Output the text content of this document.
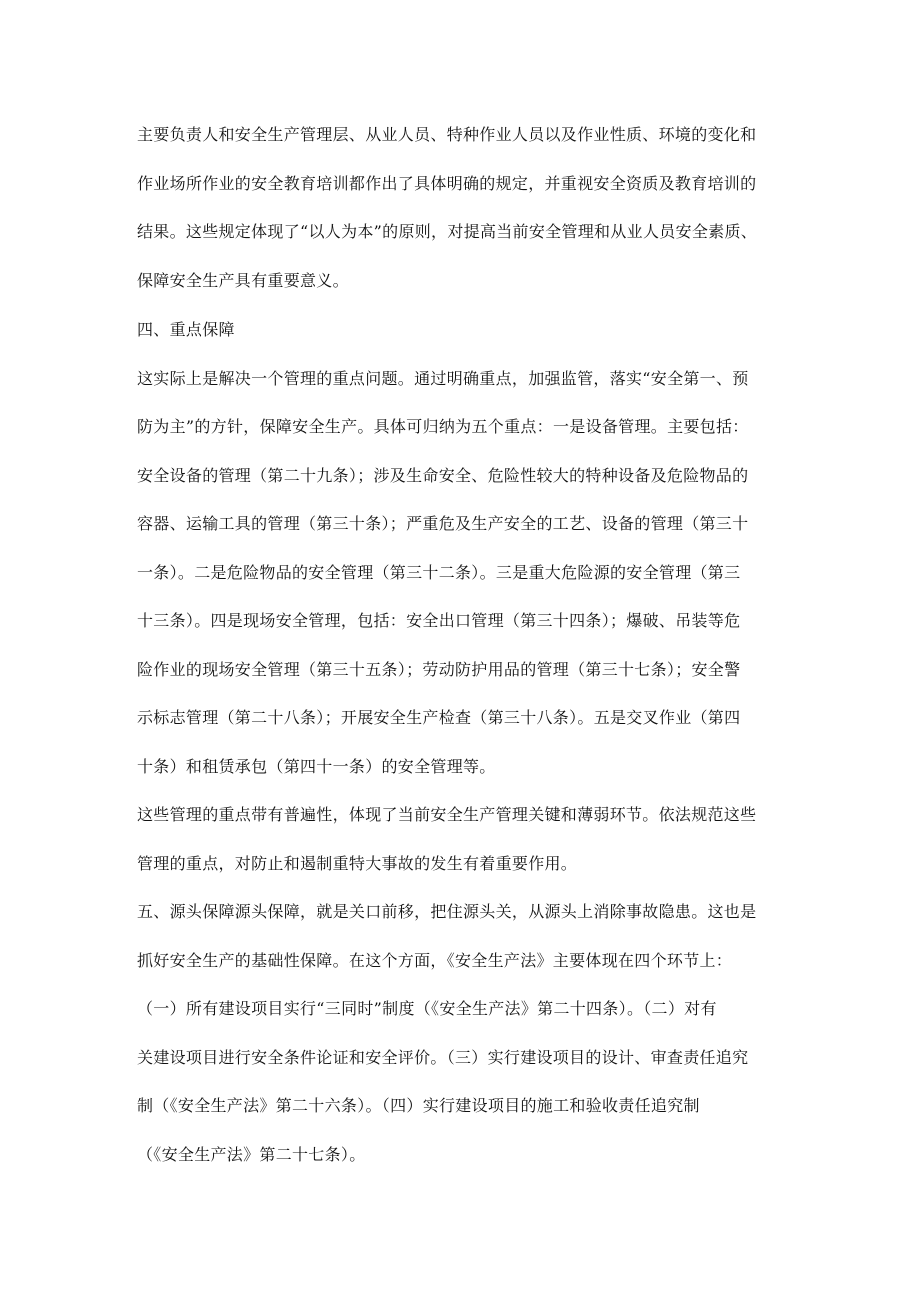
主要负责人和安全生产管理层、从业人员、特种作业人员以及作业性质、环境的变化和
作业场所作业的安全教育培训都作出了具体明确的规定，并重视安全资质及教育培训的
结果。这些规定体现了“以人为本”的原则，对提高当前安全管理和从业人员安全素质、
保障安全生产具有重要意义。
四、重点保障
这实际上是解决一个管理的重点问题。通过明确重点，加强监管，落实“安全第一、预
防为主”的方针，保障安全生产。具体可归纳为五个重点：一是设备管理。主要包括：
安全设备的管理（第二十九条）；涉及生命安全、危险性较大的特种设备及危险物品的
容器、运输工具的管理（第三十条）；严重危及生产安全的工艺、设备的管理（第三十
一条）。二是危险物品的安全管理（第三十二条）。三是重大危险源的安全管理（第三
十三条）。四是现场安全管理，包括：安全出口管理（第三十四条）；爆破、吊装等危
险作业的现场安全管理（第三十五条）；劳动防护用品的管理（第三十七条）；安全警
示标志管理（第二十八条）；开展安全生产检查（第三十八条）。五是交叉作业（第四
十条）和租赁承包（第四十一条）的安全管理等。
这些管理的重点带有普遍性，体现了当前安全生产管理关键和薄弱环节。依法规范这些
管理的重点，对防止和遏制重特大事故的发生有着重要作用。
五、源头保障源头保障，就是关口前移，把住源头关，从源头上消除事故隐患。这也是
抓好安全生产的基础性保障。在这个方面，《安全生产法》主要体现在四个环节上：
（一）所有建设项目实行“三同时”制度（《安全生产法》第二十四条）。（二）对有
关建设项目进行安全条件论证和安全评价。（三）实行建设项目的设计、审查责任追究
制（《安全生产法》第二十六条）。（四）实行建设项目的施工和验收责任追究制
（《安全生产法》第二十七条）。
